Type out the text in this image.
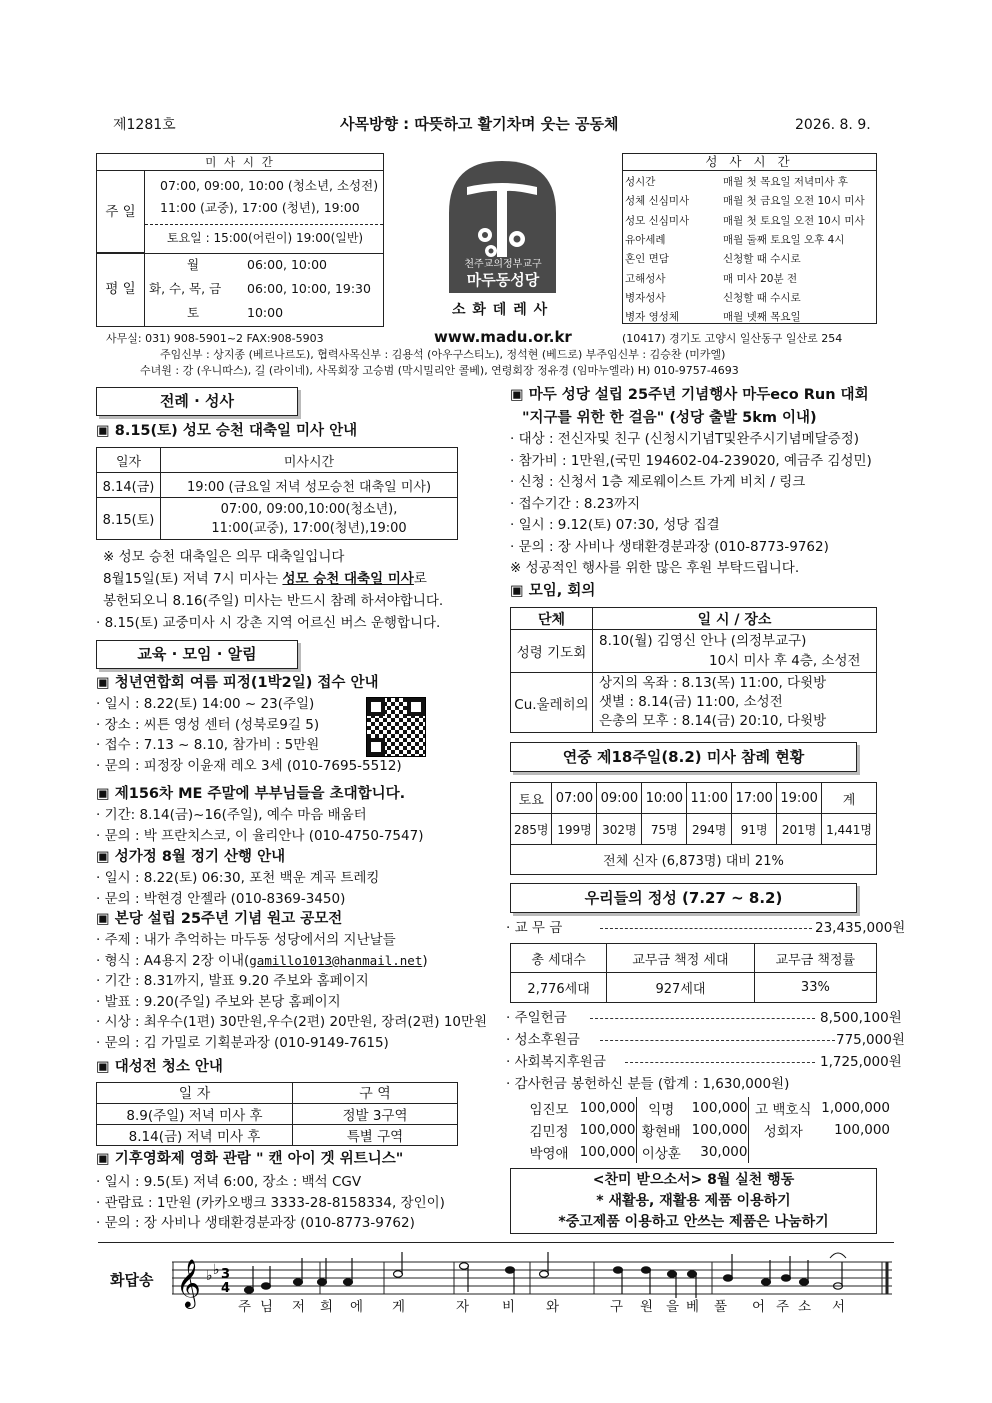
제1281호	사목방향 : 따뜻하고 활기차며 웃는 공동체	2026. 8. 9.
미 사 시 간
주 일
07:00, 09:00, 10:00 (청소년, 소성전)
11:00 (교중), 17:00 (청년), 19:00
토요일 : 15:00(어린이) 19:00(일반)
평 일
월	06:00, 10:00
화, 수, 목, 금 06:00, 10:00, 19:30
토	10:00
천주교의정부교구
마두동성당
소 화 데 레 사
성 사 시 간
성시간	매월 첫 목요일 저녁미사 후
성체 신심미사	매월 첫 금요일 오전 10시 미사
성모 신심미사	매월 첫 토요일 오전 10시 미사
유아세례	매월 둘째 토요일 오후 4시
혼인 면담	신청할 때 수시로
고해성사	매 미사 20분 전
병자성사	신청할 때 수시로
병자 영성체	매월 넷째 목요일
사무실: 031) 908-5901~2 FAX:908-5903	www.madu.or.kr	(10417) 경기도 고양시 일산동구 일산로 254
주임신부 : 상지종 (베르나르도), 협력사목신부 : 김용석 (아우구스티노), 정석현 (베드로) 부주임신부 : 김승찬 (미카엘)
수녀원 : 강 (우니따스), 길 (라이네), 사목회장 고승범 (막시밀리안 콜베), 연령회장 정유경 (임마누엘라) H) 010-9757-4693
전례 · 성사
▣ 8.15(토) 성모 승천 대축일 미사 안내
일자	미사시간
8.14(금)	19:00 (금요일 저녁 성모승천 대축일 미사)
8.15(토)	07:00, 09:00,10:00(청소년),
11:00(교중), 17:00(청년),19:00
※ 성모 승천 대축일은 의무 대축일입니다
8월15일(토) 저녁 7시 미사는 성모 승천 대축일 미사로
봉헌되오니 8.16(주일) 미사는 반드시 참례 하셔야합니다.
· 8.15(토) 교중미사 시 강촌 지역 어르신 버스 운행합니다.
교육 · 모임 · 알림
▣ 청년연합회 여름 피정(1박2일) 접수 안내
· 일시 : 8.22(토) 14:00 ~ 23(주일)
· 장소 : 씨튼 영성 센터 (성북로9길 5)
· 접수 : 7.13 ~ 8.10, 참가비 : 5만원
· 문의 : 피정장 이윤재 레오 3세 (010-7695-5512)
▣ 제156차 ME 주말에 부부님들을 초대합니다.
· 기간: 8.14(금)~16(주일), 예수 마음 배움터
· 문의 : 박 프란치스코, 이 율리안나 (010-4750-7547)
▣ 성가정 8월 정기 산행 안내
· 일시 : 8.22(토) 06:30, 포천 백운 계곡 트레킹
· 문의 : 박현경 안젤라 (010-8369-3450)
▣ 본당 설립 25주년 기념 원고 공모전
· 주제 : 내가 추억하는 마두동 성당에서의 지난날들
· 형식 : A4용지 2장 이내(gamillo1013@hanmail.net)
· 기간 : 8.31까지, 발표 9.20 주보와 홈페이지
· 발표 : 9.20(주일) 주보와 본당 홈페이지
· 시상 : 최우수(1편) 30만원,우수(2편) 20만원, 장려(2편) 10만원
· 문의 : 김 가밀로 기획분과장 (010-9149-7615)
▣ 대성전 청소 안내
일 자	구 역
8.9(주일) 저녁 미사 후	정발 3구역
8.14(금) 저녁 미사 후	특별 구역
▣ 기후영화제 영화 관람 " 캔 아이 겟 위트니스"
· 일시 : 9.5(토) 저녁 6:00, 장소 : 백석 CGV
· 관람료 : 1만원 (카카오뱅크 3333-28-8158334, 장인이)
· 문의 : 장 사비나 생태환경분과장 (010-8773-9762)
▣ 마두 성당 설립 25주년 기념행사 마두eco Run 대회
"지구를 위한 한 걸음" (성당 출발 5km 이내)
· 대상 : 전신자및 친구 (신청시기념T및완주시기념메달증정)
· 참가비 : 1만원,(국민 194602-04-239020, 예금주 김성민)
· 신청 : 신청서 1층 제로웨이스트 가게 비치 / 링크
· 접수기간 : 8.23까지
· 일시 : 9.12(토) 07:30, 성당 집결
· 문의 : 장 사비나 생태환경분과장 (010-8773-9762)
※ 성공적인 행사를 위한 많은 후원 부탁드립니다.
▣ 모임, 회의
단체	일 시 / 장소
성령 기도회	8.10(월) 김영신 안나 (의정부교구)
10시 미사 후 4층, 소성전

Cu.울레히의	상지의 옥좌 : 8.13(목) 11:00, 다윗방
샛별 : 8.14(금) 11:00, 소성전
은총의 모후 : 8.14(금) 20:10, 다윗방
연중 제18주일(8.2) 미사 참례 현황
토요	07:00	09:00	10:00	11:00	17:00	19:00	계
285명	199명	302명	75명	294명	91명	201명	1,441명
전체 신자 (6,873명) 대비 21%							
우리들의 정성 (7.27 ~ 8.2)
· 교 무 금	23,435,000원
총 세대수	교무금 책정 세대	교무금 책정률
2,776세대	927세대	33%
· 주일헌금	8,500,100원
· 성소후원금	775,000원
· 사회복지후원금	1,725,000원
· 감사헌금 봉헌하신 분들 (합계 : 1,630,000원)
임진모	100,000	익명	100,000	고 백호식	1,000,000
김민정	100,000	황현배	100,000	성회자	100,000
박영애	100,000	이상훈	30,000		
<찬미 받으소서> 8월 실천 행동
* 새활용, 재활용 제품 이용하기
*중고제품 이용하고 안쓰는 제품은 나눔하기
화답송 𝄞 ♭ ♭ 3
4
주 님 저 희 에 게	자 비 와	구 원 을 베 풀 어 주 소 서
